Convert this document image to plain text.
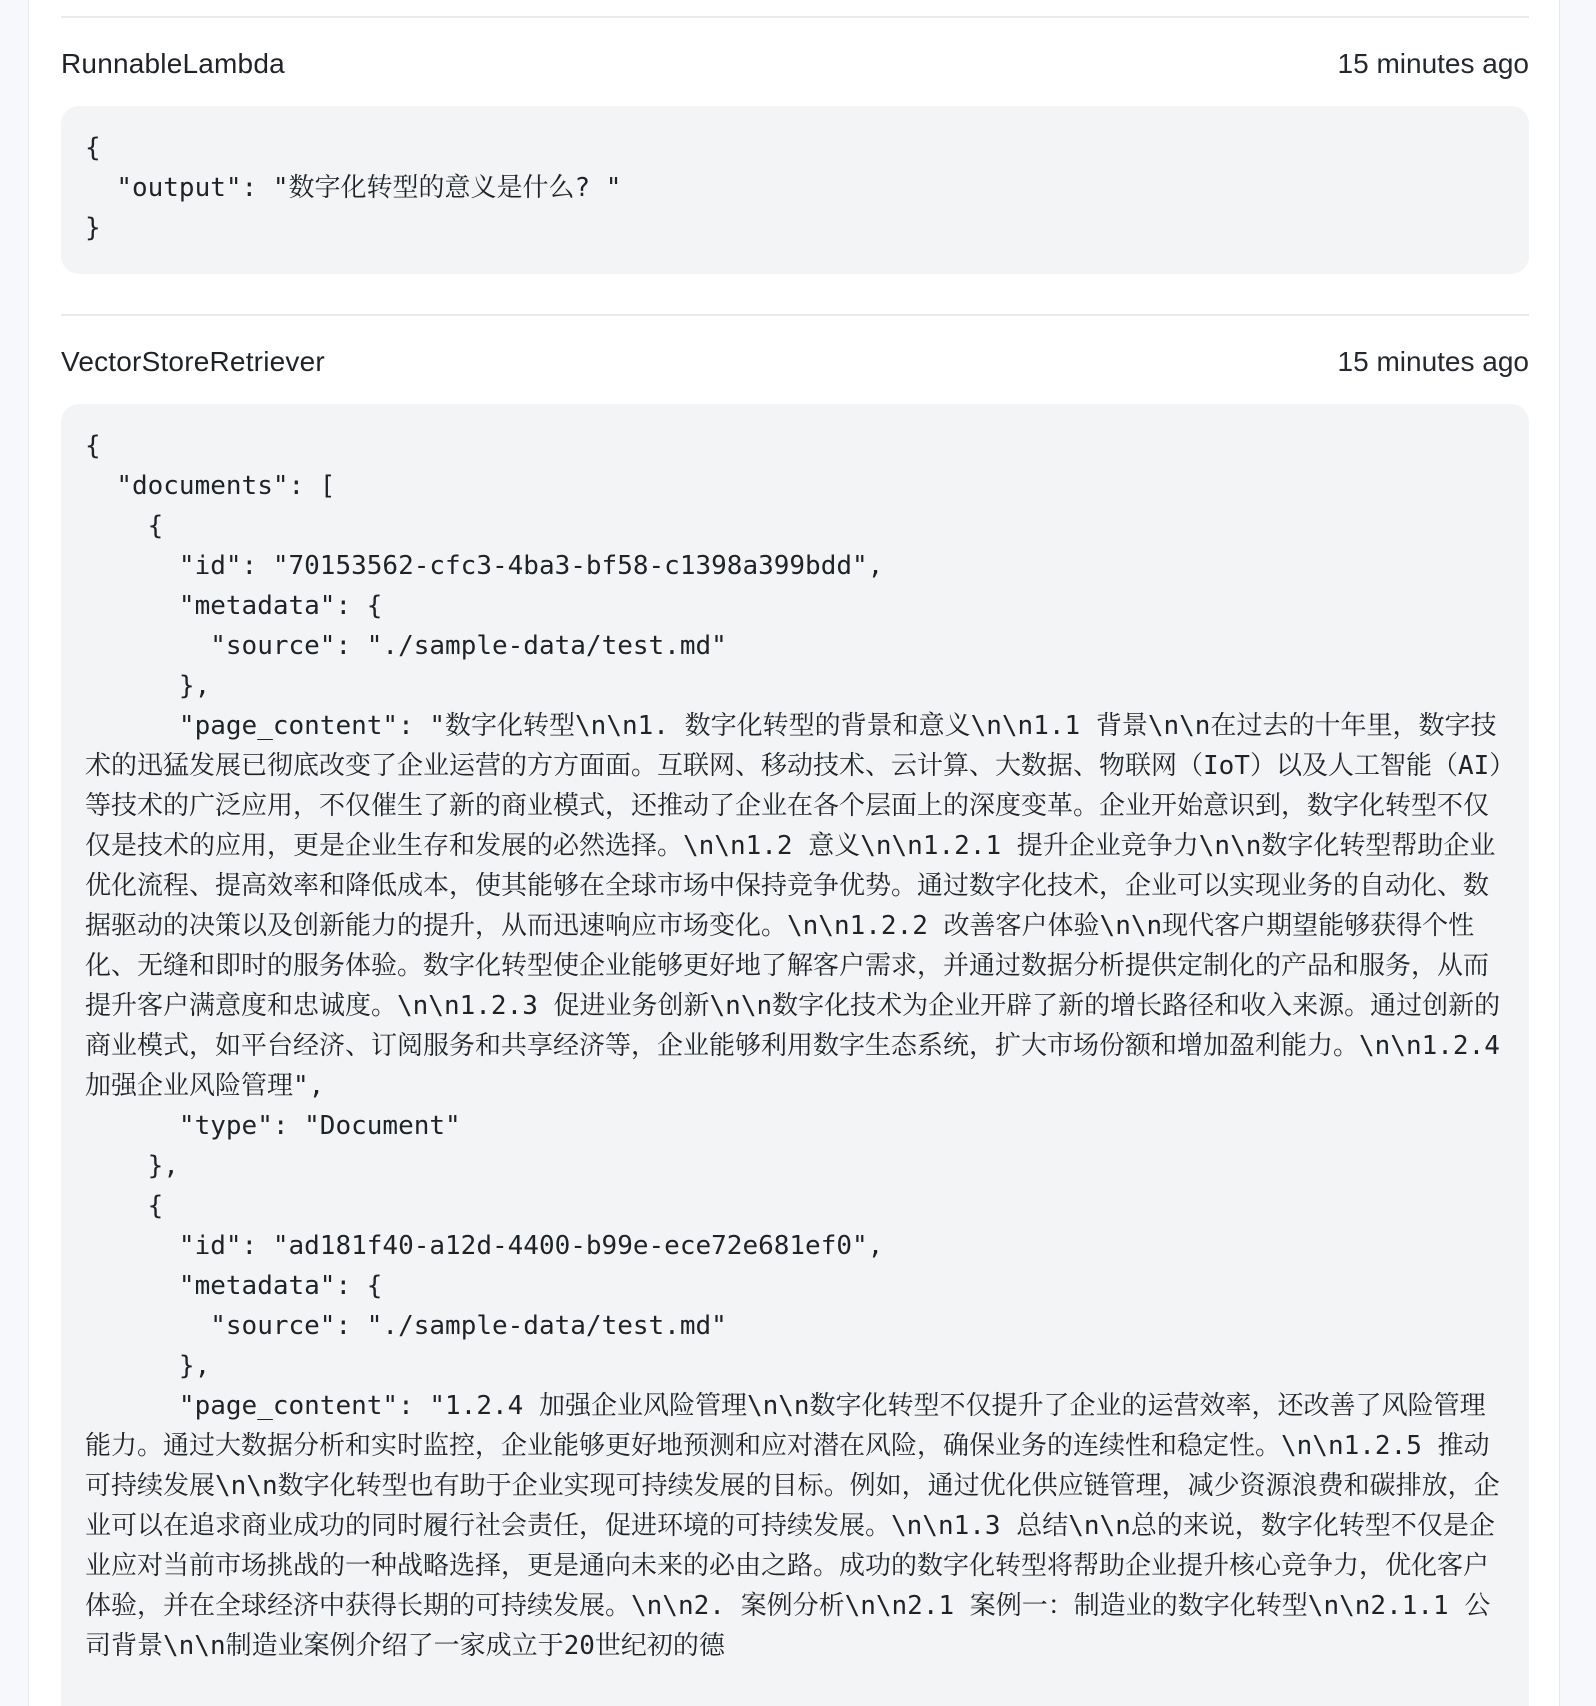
RunnableLambda	15 minutes ago
{
"output": "数字化转型的意义是什么? "
}
VectorStoreRetriever	15 minutes ago
{
"documents": [
{
"id": "70153562-cfc3-4ba3-bf58-c1398a399bdd",
"metadata": {
"source": "./sample-data/test.md"
},
"page_content": "数字化转型\n\n1. 数字化转型的背景和意义\n\n1.1 背景\n\n在过去的十年里，数字技术的迅猛发展已彻底改变了企业运营的方方面面。互联网、移动技术、云计算、大数据、物联网（IoT）以及人工智能（AI）等技术的广泛应用，不仅催生了新的商业模式，还推动了企业在各个层面上的深度变革。企业开始意识到，数字化转型不仅仅是技术的应用，更是企业生存和发展的必然选择。\n\n1.2 意义\n\n1.2.1 提升企业竞争力\n\n数字化转型帮助企业优化流程、提高效率和降低成本，使其能够在全球市场中保持竞争优势。通过数字化技术，企业可以实现业务的自动化、数据驱动的决策以及创新能力的提升，从而迅速响应市场变化。\n\n1.2.2 改善客户体验\n\n现代客户期望能够获得个性化、无缝和即时的服务体验。数字化转型使企业能够更好地了解客户需求，并通过数据分析提供定制化的产品和服务，从而提升客户满意度和忠诚度。\n\n1.2.3 促进业务创新\n\n数字化技术为企业开辟了新的增长路径和收入来源。通过创新的商业模式，如平台经济、订阅服务和共享经济等，企业能够利用数字生态系统，扩大市场份额和增加盈利能力。\n\n1.2.4 加强企业风险管理",
"type": "Document"
},
{
"id": "ad181f40-a12d-4400-b99e-ece72e681ef0",
"metadata": {
"source": "./sample-data/test.md"
},
"page_content": "1.2.4 加强企业风险管理\n\n数字化转型不仅提升了企业的运营效率，还改善了风险管理能力。通过大数据分析和实时监控，企业能够更好地预测和应对潜在风险，确保业务的连续性和稳定性。\n\n1.2.5 推动可持续发展\n\n数字化转型也有助于企业实现可持续发展的目标。例如，通过优化供应链管理，减少资源浪费和碳排放，企业可以在追求商业成功的同时履行社会责任，促进环境的可持续发展。\n\n1.3 总结\n\n总的来说，数字化转型不仅是企业应对当前市场挑战的一种战略选择，更是通向未来的必由之路。成功的数字化转型将帮助企业提升核心竞争力，优化客户体验，并在全球经济中获得长期的可持续发展。\n\n2. 案例分析\n\n2.1 案例一：制造业的数字化转型\n\n2.1.1 公司背景\n\n制造业案例介绍了一家成立于20世纪初的德
